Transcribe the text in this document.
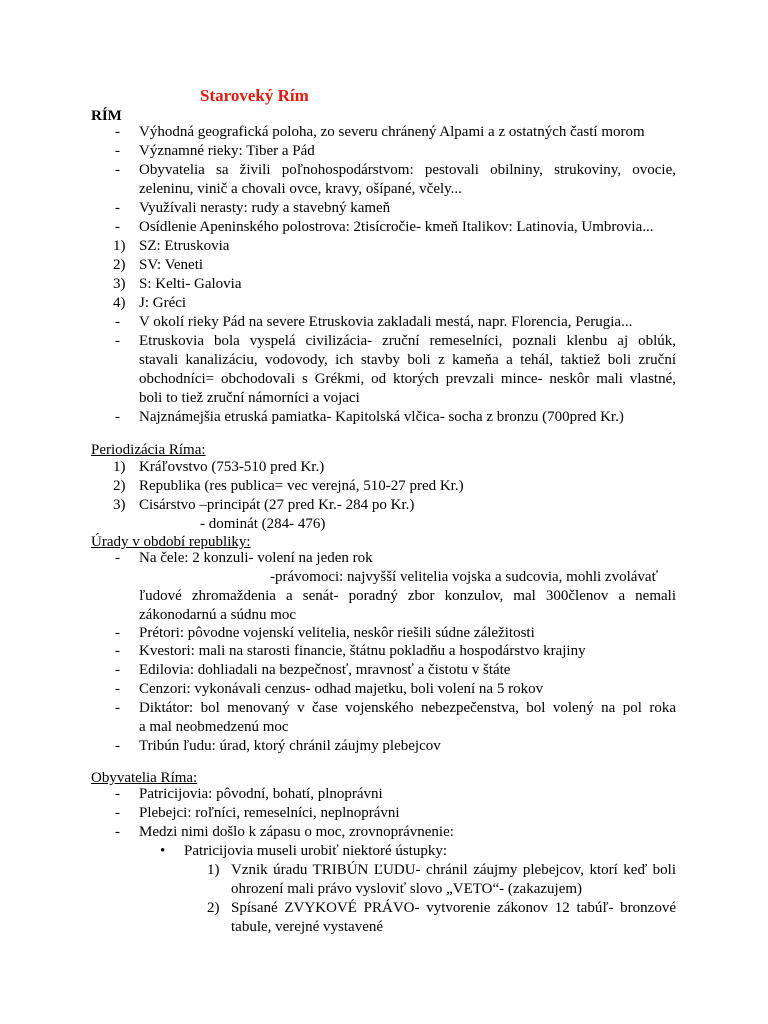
Staroveký Rím
RÍM
- Výhodná geografická poloha, zo severu chránený Alpami a z ostatných častí morom
- Významné rieky: Tiber a Pád
- Obyvatelia sa živili poľnohospodárstvom: pestovali obilniny, strukoviny, ovocie,
zeleninu, vinič a chovali ovce, kravy, ošípané, včely...
- Využívali nerasty: rudy a stavebný kameň
- Osídlenie Apeninského polostrova: 2tisícročie- kmeň Italikov: Latinovia, Umbrovia...
1) SZ: Etruskovia
2) SV: Veneti
3) S: Kelti- Galovia
4) J: Gréci
- V okolí rieky Pád na severe Etruskovia zakladali mestá, napr. Florencia, Perugia...
- Etruskovia bola vyspelá civilizácia- zruční remeselníci, poznali klenbu aj oblúk,
stavali kanalizáciu, vodovody, ich stavby boli z kameňa a tehál, taktiež boli zruční
obchodníci= obchodovali s Grékmi, od ktorých prevzali mince- neskôr mali vlastné,
boli to tiež zruční námorníci a vojaci
- Najznámejšia etruská pamiatka- Kapitolská vlčica- socha z bronzu (700pred Kr.)
Periodizácia Ríma:
1) Kráľovstvo (753-510 pred Kr.)
2) Republika (res publica= vec verejná, 510-27 pred Kr.)
3) Cisárstvo –principát (27 pred Kr.- 284 po Kr.)
- dominát (284- 476)
Úrady v období republiky:
- Na čele: 2 konzuli- volení na jeden rok
-právomoci: najvyšší velitelia vojska a sudcovia, mohli zvolávať
ľudové zhromaždenia a senát- poradný zbor konzulov, mal 300členov a nemali
zákonodarnú a súdnu moc
- Prétori: pôvodne vojenskí velitelia, neskôr riešili súdne záležitosti
- Kvestori: mali na starosti financie, štátnu pokladňu a hospodárstvo krajiny
- Edilovia: dohliadali na bezpečnosť, mravnosť a čistotu v štáte
- Cenzori: vykonávali cenzus- odhad majetku, boli volení na 5 rokov
- Diktátor: bol menovaný v čase vojenského nebezpečenstva, bol volený na pol roka
a mal neobmedzenú moc
- Tribún ľudu: úrad, ktorý chránil záujmy plebejcov
Obyvatelia Ríma:
- Patricijovia: pôvodní, bohatí, plnoprávni
- Plebejci: roľníci, remeselníci, neplnoprávni
- Medzi nimi došlo k zápasu o moc, zrovnoprávnenie:
• Patricijovia museli urobiť niektoré ústupky:
1) Vznik úradu TRIBÚN ĽUDU- chránil záujmy plebejcov, ktorí keď boli
ohrození mali právo vysloviť slovo „VETO“- (zakazujem)
2) Spísané ZVYKOVÉ PRÁVO- vytvorenie zákonov 12 tabúľ- bronzové
tabule, verejné vystavené
